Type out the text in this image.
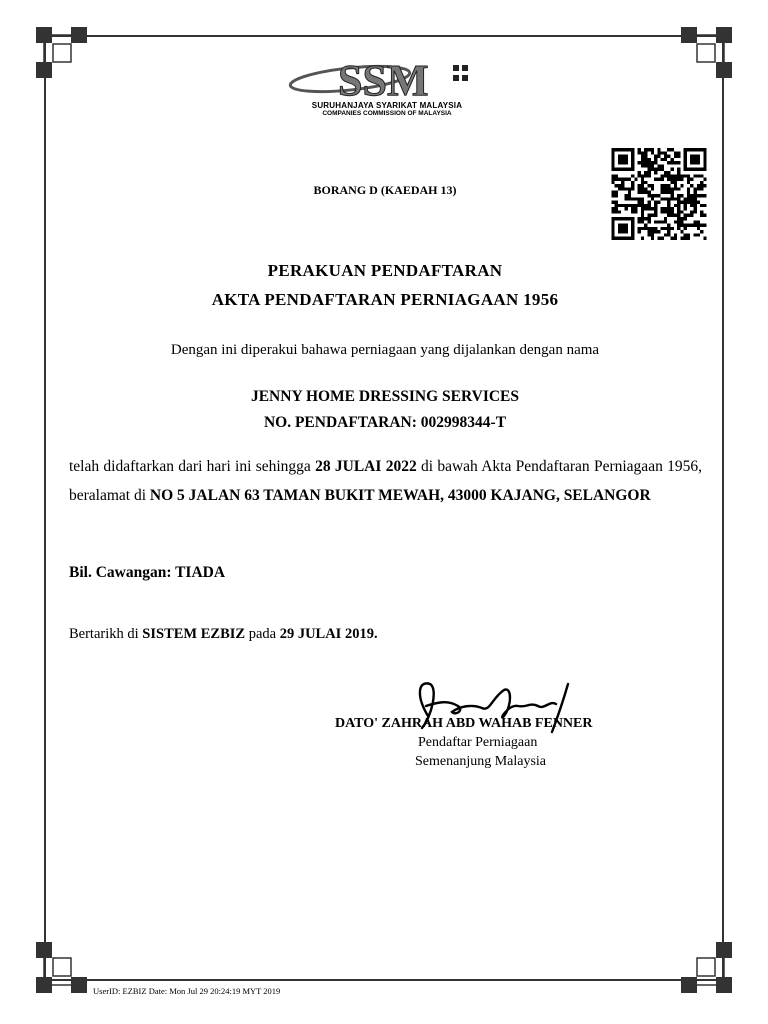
SSM
SURUHANJAYA SYARIKAT MALAYSIA
COMPANIES COMMISSION OF MALAYSIA
BORANG D (KAEDAH 13)
PERAKUAN PENDAFTARAN
AKTA PENDAFTARAN PERNIAGAAN 1956
Dengan ini diperakui bahawa perniagaan yang dijalankan dengan nama
JENNY HOME DRESSING SERVICES
NO. PENDAFTARAN: 002998344-T
telah didaftarkan dari hari ini sehingga 28 JULAI 2022 di bawah Akta Pendaftaran Perniagaan 1956, beralamat di NO 5 JALAN 63 TAMAN BUKIT MEWAH, 43000 KAJANG, SELANGOR
Bil. Cawangan: TIADA
Bertarikh di SISTEM EZBIZ pada 29 JULAI 2019.
DATO' ZAHRAH ABD WAHAB FENNER
Pendaftar Perniagaan
Semenanjung Malaysia
UserID: EZBIZ Date: Mon Jul 29 20:24:19 MYT 2019
